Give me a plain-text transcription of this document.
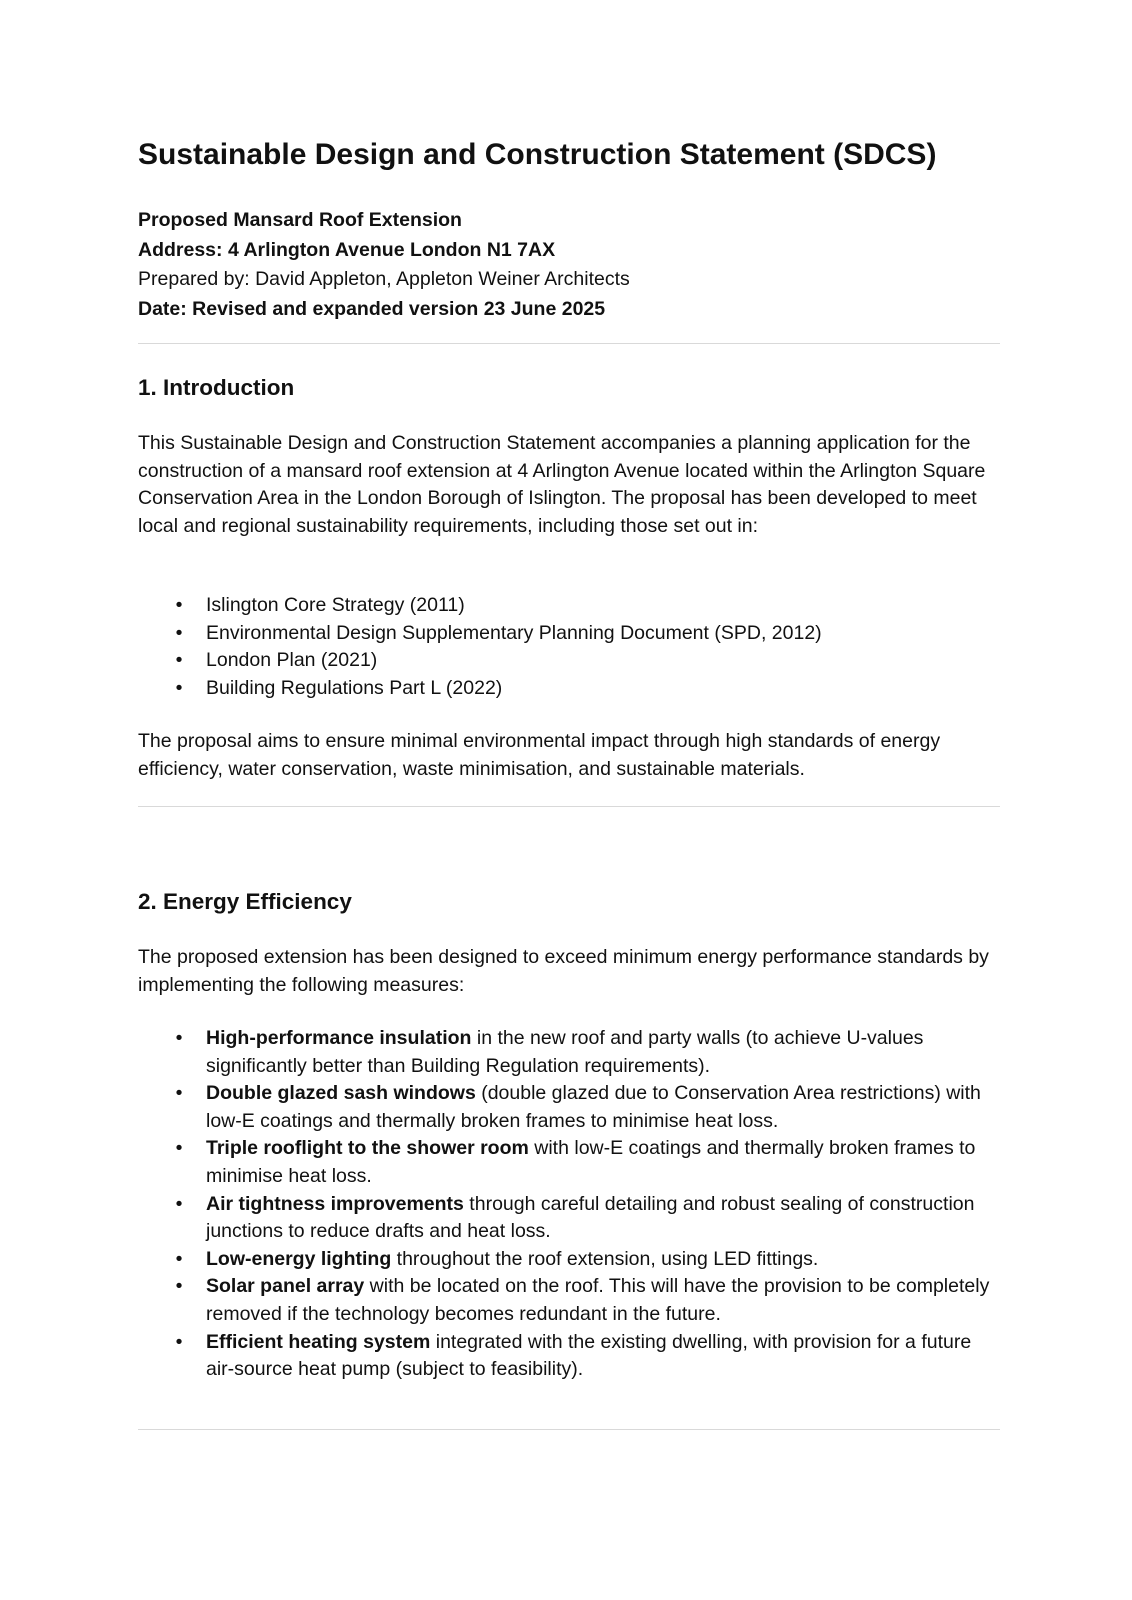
Sustainable Design and Construction Statement (SDCS)
Proposed Mansard Roof Extension
Address: 4 Arlington Avenue London N1 7AX
Prepared by: David Appleton, Appleton Weiner Architects
Date: Revised and expanded version 23 June 2025
1. Introduction

This Sustainable Design and Construction Statement accompanies a planning application for the construction of a mansard roof extension at 4 Arlington Avenue located within the Arlington Square Conservation Area in the London Borough of Islington. The proposal has been developed to meet local and regional sustainability requirements, including those set out in:

• Islington Core Strategy (2011)
• Environmental Design Supplementary Planning Document (SPD, 2012)
• London Plan (2021)
• Building Regulations Part L (2022)

The proposal aims to ensure minimal environmental impact through high standards of energy efficiency, water conservation, waste minimisation, and sustainable materials.

2. Energy Efficiency

The proposed extension has been designed to exceed minimum energy performance standards by implementing the following measures:

• High-performance insulation in the new roof and party walls (to achieve U-values significantly better than Building Regulation requirements).
• Double glazed sash windows (double glazed due to Conservation Area restrictions) with low-E coatings and thermally broken frames to minimise heat loss.
• Triple rooflight to the shower room with low-E coatings and thermally broken frames to minimise heat loss.
• Air tightness improvements through careful detailing and robust sealing of construction junctions to reduce drafts and heat loss.
• Low-energy lighting throughout the roof extension, using LED fittings.
• Solar panel array with be located on the roof. This will have the provision to be completely removed if the technology becomes redundant in the future.
• Efficient heating system integrated with the existing dwelling, with provision for a future air-source heat pump (subject to feasibility).
